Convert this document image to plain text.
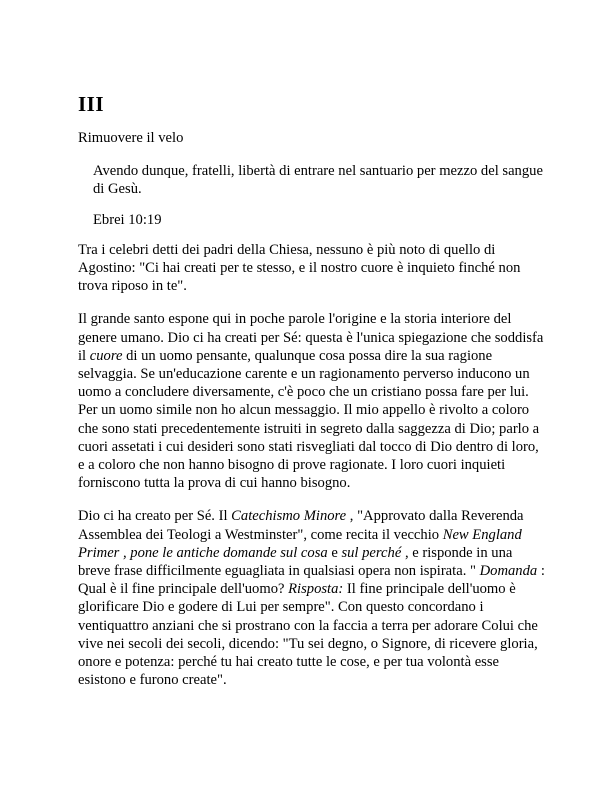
III
Rimuovere il velo

Avendo dunque, fratelli, libertà di entrare nel santuario per mezzo del sangue di Gesù.

Ebrei 10:19

Tra i celebri detti dei padri della Chiesa, nessuno è più noto di quello di Agostino: "Ci hai creati per te stesso, e il nostro cuore è inquieto finché non trova riposo in te".

Il grande santo espone qui in poche parole l'origine e la storia interiore del genere umano. Dio ci ha creati per Sé: questa è l'unica spiegazione che soddisfa il cuore di un uomo pensante, qualunque cosa possa dire la sua ragione selvaggia. Se un'educazione carente e un ragionamento perverso inducono un uomo a concludere diversamente, c'è poco che un cristiano possa fare per lui. Per un uomo simile non ho alcun messaggio. Il mio appello è rivolto a coloro che sono stati precedentemente istruiti in segreto dalla saggezza di Dio; parlo a cuori assetati i cui desideri sono stati risvegliati dal tocco di Dio dentro di loro, e a coloro che non hanno bisogno di prove ragionate. I loro cuori inquieti forniscono tutta la prova di cui hanno bisogno.

Dio ci ha creato per Sé. Il Catechismo Minore , "Approvato dalla Reverenda Assemblea dei Teologi a Westminster", come recita il vecchio New England Primer , pone le antiche domande sul cosa e sul perché , e risponde in una breve frase difficilmente eguagliata in qualsiasi opera non ispirata. " Domanda : Qual è il fine principale dell'uomo? Risposta: Il fine principale dell'uomo è glorificare Dio e godere di Lui per sempre". Con questo concordano i ventiquattro anziani che si prostrano con la faccia a terra per adorare Colui che vive nei secoli dei secoli, dicendo: "Tu sei degno, o Signore, di ricevere gloria, onore e potenza: perché tu hai creato tutte le cose, e per tua volontà esse esistono e furono create".
